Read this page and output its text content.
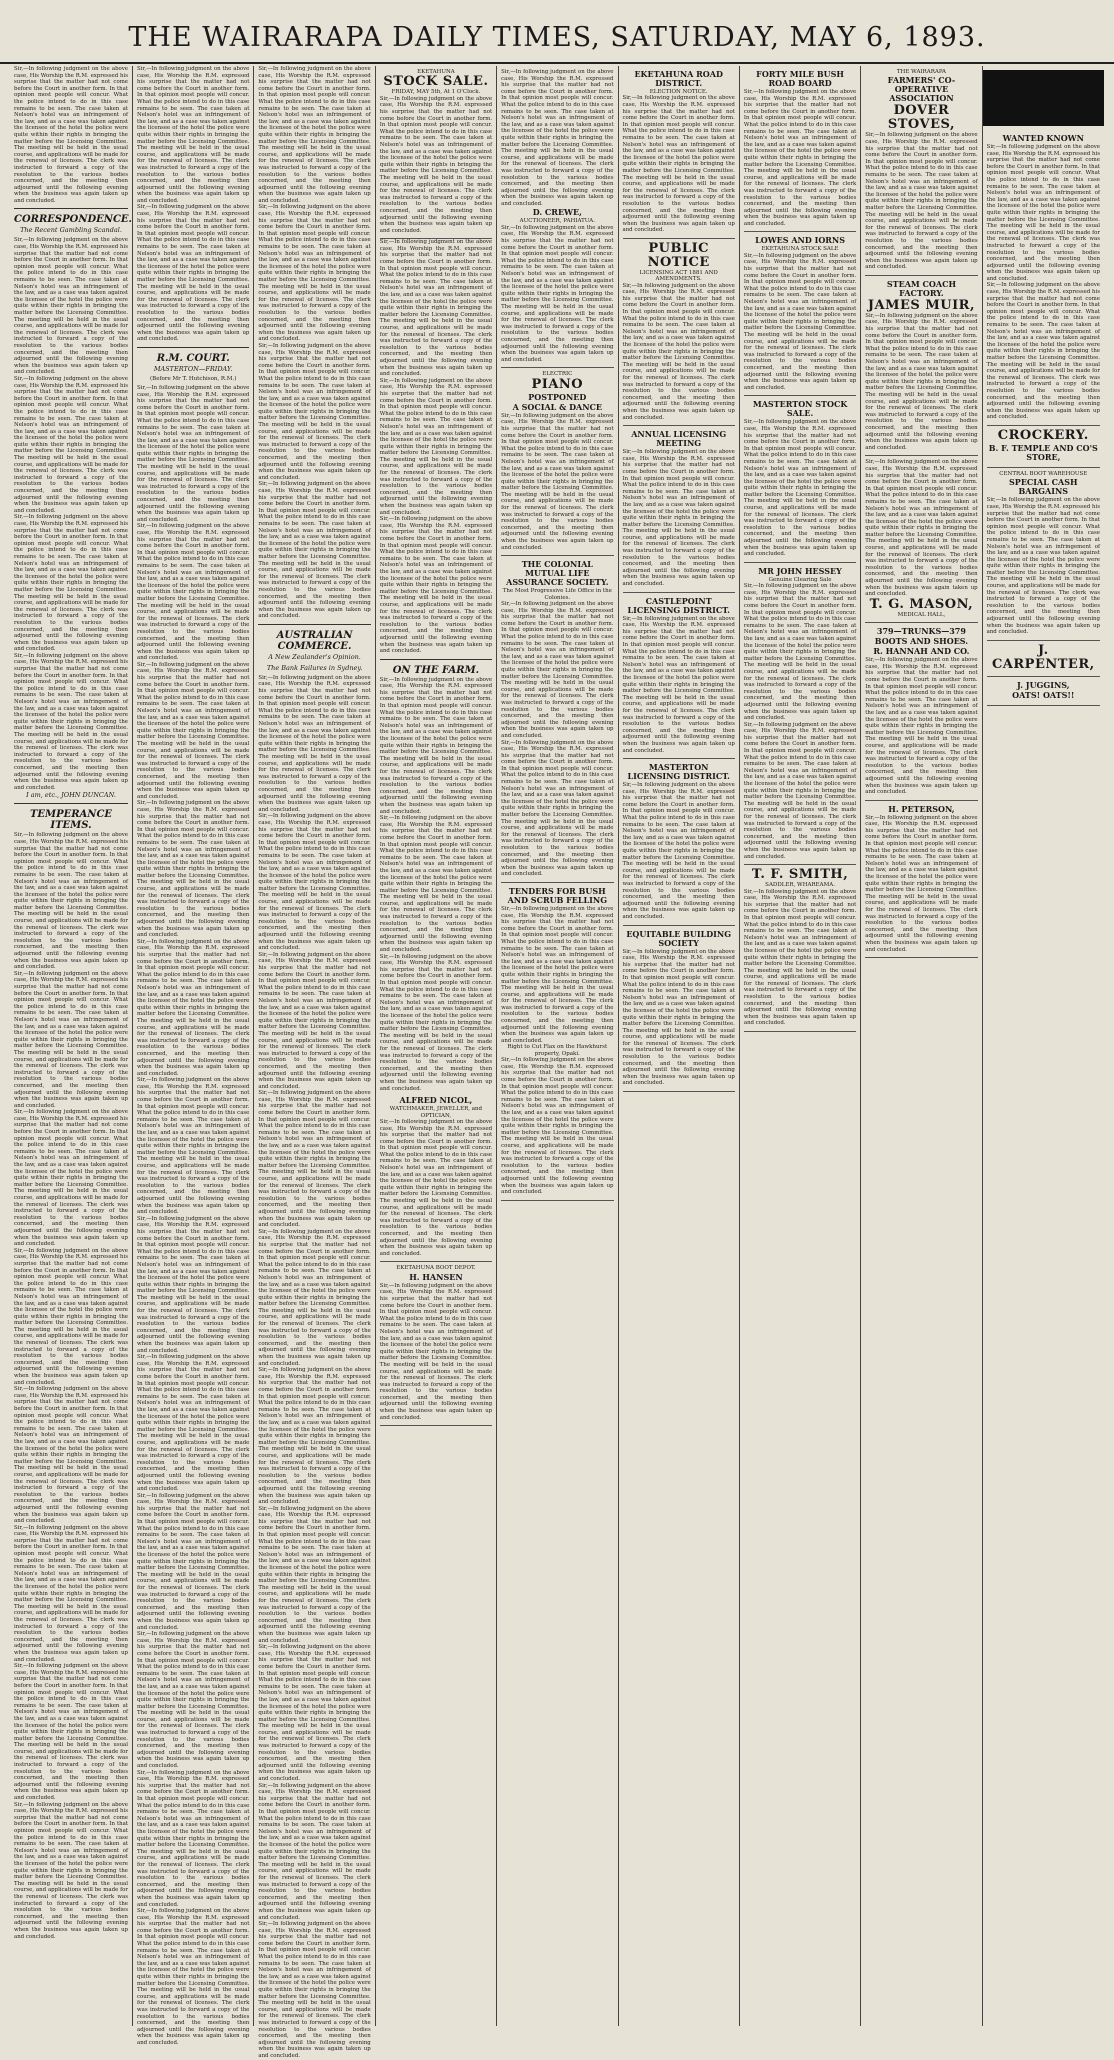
THE WAIRARAPA DAILY TIMES, SATURDAY, MAY 6, 1893.
Sir,—In following judgment on the above case, His Worship the R.M. expressed his surprise that the matter had not come before the Court in another form. In that opinion most people will concur. What the police intend to do in this case remains to be seen. The case taken at Nelson's hotel was an infringement of the law, and as a case was taken against the licensee of the hotel the police were quite within their rights in bringing the matter before the Licensing Committee. The meeting will be held in the usual course, and applications will be made for the renewal of licenses. The clerk was instructed to forward a copy of the resolution to the various bodies concerned, and the meeting then adjourned until the following evening when the business was again taken up and concluded.
CORRESPONDENCE.
The Recent Gambling Scandal.
Sir,—In following judgment on the above case, His Worship the R.M. expressed his surprise that the matter had not come before the Court in another form. In that opinion most people will concur. What the police intend to do in this case remains to be seen. The case taken at Nelson's hotel was an infringement of the law, and as a case was taken against the licensee of the hotel the police were quite within their rights in bringing the matter before the Licensing Committee. The meeting will be held in the usual course, and applications will be made for the renewal of licenses. The clerk was instructed to forward a copy of the resolution to the various bodies concerned, and the meeting then adjourned until the following evening when the business was again taken up and concluded.
Sir,—In following judgment on the above case, His Worship the R.M. expressed his surprise that the matter had not come before the Court in another form. In that opinion most people will concur. What the police intend to do in this case remains to be seen. The case taken at Nelson's hotel was an infringement of the law, and as a case was taken against the licensee of the hotel the police were quite within their rights in bringing the matter before the Licensing Committee. The meeting will be held in the usual course, and applications will be made for the renewal of licenses. The clerk was instructed to forward a copy of the resolution to the various bodies concerned, and the meeting then adjourned until the following evening when the business was again taken up and concluded.
Sir,—In following judgment on the above case, His Worship the R.M. expressed his surprise that the matter had not come before the Court in another form. In that opinion most people will concur. What the police intend to do in this case remains to be seen. The case taken at Nelson's hotel was an infringement of the law, and as a case was taken against the licensee of the hotel the police were quite within their rights in bringing the matter before the Licensing Committee. The meeting will be held in the usual course, and applications will be made for the renewal of licenses. The clerk was instructed to forward a copy of the resolution to the various bodies concerned, and the meeting then adjourned until the following evening when the business was again taken up and concluded.
Sir,—In following judgment on the above case, His Worship the R.M. expressed his surprise that the matter had not come before the Court in another form. In that opinion most people will concur. What the police intend to do in this case remains to be seen. The case taken at Nelson's hotel was an infringement of the law, and as a case was taken against the licensee of the hotel the police were quite within their rights in bringing the matter before the Licensing Committee. The meeting will be held in the usual course, and applications will be made for the renewal of licenses. The clerk was instructed to forward a copy of the resolution to the various bodies concerned, and the meeting then adjourned until the following evening when the business was again taken up and concluded.
I am, etc., JOHN DUNCAN.
TEMPERANCE ITEMS.
Sir,—In following judgment on the above case, His Worship the R.M. expressed his surprise that the matter had not come before the Court in another form. In that opinion most people will concur. What the police intend to do in this case remains to be seen. The case taken at Nelson's hotel was an infringement of the law, and as a case was taken against the licensee of the hotel the police were quite within their rights in bringing the matter before the Licensing Committee. The meeting will be held in the usual course, and applications will be made for the renewal of licenses. The clerk was instructed to forward a copy of the resolution to the various bodies concerned, and the meeting then adjourned until the following evening when the business was again taken up and concluded.
Sir,—In following judgment on the above case, His Worship the R.M. expressed his surprise that the matter had not come before the Court in another form. In that opinion most people will concur. What the police intend to do in this case remains to be seen. The case taken at Nelson's hotel was an infringement of the law, and as a case was taken against the licensee of the hotel the police were quite within their rights in bringing the matter before the Licensing Committee. The meeting will be held in the usual course, and applications will be made for the renewal of licenses. The clerk was instructed to forward a copy of the resolution to the various bodies concerned, and the meeting then adjourned until the following evening when the business was again taken up and concluded.
Sir,—In following judgment on the above case, His Worship the R.M. expressed his surprise that the matter had not come before the Court in another form. In that opinion most people will concur. What the police intend to do in this case remains to be seen. The case taken at Nelson's hotel was an infringement of the law, and as a case was taken against the licensee of the hotel the police were quite within their rights in bringing the matter before the Licensing Committee. The meeting will be held in the usual course, and applications will be made for the renewal of licenses. The clerk was instructed to forward a copy of the resolution to the various bodies concerned, and the meeting then adjourned until the following evening when the business was again taken up and concluded.
Sir,—In following judgment on the above case, His Worship the R.M. expressed his surprise that the matter had not come before the Court in another form. In that opinion most people will concur. What the police intend to do in this case remains to be seen. The case taken at Nelson's hotel was an infringement of the law, and as a case was taken against the licensee of the hotel the police were quite within their rights in bringing the matter before the Licensing Committee. The meeting will be held in the usual course, and applications will be made for the renewal of licenses. The clerk was instructed to forward a copy of the resolution to the various bodies concerned, and the meeting then adjourned until the following evening when the business was again taken up and concluded.
Sir,—In following judgment on the above case, His Worship the R.M. expressed his surprise that the matter had not come before the Court in another form. In that opinion most people will concur. What the police intend to do in this case remains to be seen. The case taken at Nelson's hotel was an infringement of the law, and as a case was taken against the licensee of the hotel the police were quite within their rights in bringing the matter before the Licensing Committee. The meeting will be held in the usual course, and applications will be made for the renewal of licenses. The clerk was instructed to forward a copy of the resolution to the various bodies concerned, and the meeting then adjourned until the following evening when the business was again taken up and concluded.
Sir,—In following judgment on the above case, His Worship the R.M. expressed his surprise that the matter had not come before the Court in another form. In that opinion most people will concur. What the police intend to do in this case remains to be seen. The case taken at Nelson's hotel was an infringement of the law, and as a case was taken against the licensee of the hotel the police were quite within their rights in bringing the matter before the Licensing Committee. The meeting will be held in the usual course, and applications will be made for the renewal of licenses. The clerk was instructed to forward a copy of the resolution to the various bodies concerned, and the meeting then adjourned until the following evening when the business was again taken up and concluded.
Sir,—In following judgment on the above case, His Worship the R.M. expressed his surprise that the matter had not come before the Court in another form. In that opinion most people will concur. What the police intend to do in this case remains to be seen. The case taken at Nelson's hotel was an infringement of the law, and as a case was taken against the licensee of the hotel the police were quite within their rights in bringing the matter before the Licensing Committee. The meeting will be held in the usual course, and applications will be made for the renewal of licenses. The clerk was instructed to forward a copy of the resolution to the various bodies concerned, and the meeting then adjourned until the following evening when the business was again taken up and concluded.
Sir,—In following judgment on the above case, His Worship the R.M. expressed his surprise that the matter had not come before the Court in another form. In that opinion most people will concur. What the police intend to do in this case remains to be seen. The case taken at Nelson's hotel was an infringement of the law, and as a case was taken against the licensee of the hotel the police were quite within their rights in bringing the matter before the Licensing Committee. The meeting will be held in the usual course, and applications will be made for the renewal of licenses. The clerk was instructed to forward a copy of the resolution to the various bodies concerned, and the meeting then adjourned until the following evening when the business was again taken up and concluded.
Sir,—In following judgment on the above case, His Worship the R.M. expressed his surprise that the matter had not come before the Court in another form. In that opinion most people will concur. What the police intend to do in this case remains to be seen. The case taken at Nelson's hotel was an infringement of the law, and as a case was taken against the licensee of the hotel the police were quite within their rights in bringing the matter before the Licensing Committee. The meeting will be held in the usual course, and applications will be made for the renewal of licenses. The clerk was instructed to forward a copy of the resolution to the various bodies concerned, and the meeting then adjourned until the following evening when the business was again taken up and concluded.
Sir,—In following judgment on the above case, His Worship the R.M. expressed his surprise that the matter had not come before the Court in another form. In that opinion most people will concur. What the police intend to do in this case remains to be seen. The case taken at Nelson's hotel was an infringement of the law, and as a case was taken against the licensee of the hotel the police were quite within their rights in bringing the matter before the Licensing Committee. The meeting will be held in the usual course, and applications will be made for the renewal of licenses. The clerk was instructed to forward a copy of the resolution to the various bodies concerned, and the meeting then adjourned until the following evening when the business was again taken up and concluded.
R.M. COURT.
MASTERTON—FRIDAY.
(Before Mr T. Hutchison, R.M.)
Sir,—In following judgment on the above case, His Worship the R.M. expressed his surprise that the matter had not come before the Court in another form. In that opinion most people will concur. What the police intend to do in this case remains to be seen. The case taken at Nelson's hotel was an infringement of the law, and as a case was taken against the licensee of the hotel the police were quite within their rights in bringing the matter before the Licensing Committee. The meeting will be held in the usual course, and applications will be made for the renewal of licenses. The clerk was instructed to forward a copy of the resolution to the various bodies concerned, and the meeting then adjourned until the following evening when the business was again taken up and concluded.
Sir,—In following judgment on the above case, His Worship the R.M. expressed his surprise that the matter had not come before the Court in another form. In that opinion most people will concur. What the police intend to do in this case remains to be seen. The case taken at Nelson's hotel was an infringement of the law, and as a case was taken against the licensee of the hotel the police were quite within their rights in bringing the matter before the Licensing Committee. The meeting will be held in the usual course, and applications will be made for the renewal of licenses. The clerk was instructed to forward a copy of the resolution to the various bodies concerned, and the meeting then adjourned until the following evening when the business was again taken up and concluded.
Sir,—In following judgment on the above case, His Worship the R.M. expressed his surprise that the matter had not come before the Court in another form. In that opinion most people will concur. What the police intend to do in this case remains to be seen. The case taken at Nelson's hotel was an infringement of the law, and as a case was taken against the licensee of the hotel the police were quite within their rights in bringing the matter before the Licensing Committee. The meeting will be held in the usual course, and applications will be made for the renewal of licenses. The clerk was instructed to forward a copy of the resolution to the various bodies concerned, and the meeting then adjourned until the following evening when the business was again taken up and concluded.
Sir,—In following judgment on the above case, His Worship the R.M. expressed his surprise that the matter had not come before the Court in another form. In that opinion most people will concur. What the police intend to do in this case remains to be seen. The case taken at Nelson's hotel was an infringement of the law, and as a case was taken against the licensee of the hotel the police were quite within their rights in bringing the matter before the Licensing Committee. The meeting will be held in the usual course, and applications will be made for the renewal of licenses. The clerk was instructed to forward a copy of the resolution to the various bodies concerned, and the meeting then adjourned until the following evening when the business was again taken up and concluded.
Sir,—In following judgment on the above case, His Worship the R.M. expressed his surprise that the matter had not come before the Court in another form. In that opinion most people will concur. What the police intend to do in this case remains to be seen. The case taken at Nelson's hotel was an infringement of the law, and as a case was taken against the licensee of the hotel the police were quite within their rights in bringing the matter before the Licensing Committee. The meeting will be held in the usual course, and applications will be made for the renewal of licenses. The clerk was instructed to forward a copy of the resolution to the various bodies concerned, and the meeting then adjourned until the following evening when the business was again taken up and concluded.
Sir,—In following judgment on the above case, His Worship the R.M. expressed his surprise that the matter had not come before the Court in another form. In that opinion most people will concur. What the police intend to do in this case remains to be seen. The case taken at Nelson's hotel was an infringement of the law, and as a case was taken against the licensee of the hotel the police were quite within their rights in bringing the matter before the Licensing Committee. The meeting will be held in the usual course, and applications will be made for the renewal of licenses. The clerk was instructed to forward a copy of the resolution to the various bodies concerned, and the meeting then adjourned until the following evening when the business was again taken up and concluded.
Sir,—In following judgment on the above case, His Worship the R.M. expressed his surprise that the matter had not come before the Court in another form. In that opinion most people will concur. What the police intend to do in this case remains to be seen. The case taken at Nelson's hotel was an infringement of the law, and as a case was taken against the licensee of the hotel the police were quite within their rights in bringing the matter before the Licensing Committee. The meeting will be held in the usual course, and applications will be made for the renewal of licenses. The clerk was instructed to forward a copy of the resolution to the various bodies concerned, and the meeting then adjourned until the following evening when the business was again taken up and concluded.
Sir,—In following judgment on the above case, His Worship the R.M. expressed his surprise that the matter had not come before the Court in another form. In that opinion most people will concur. What the police intend to do in this case remains to be seen. The case taken at Nelson's hotel was an infringement of the law, and as a case was taken against the licensee of the hotel the police were quite within their rights in bringing the matter before the Licensing Committee. The meeting will be held in the usual course, and applications will be made for the renewal of licenses. The clerk was instructed to forward a copy of the resolution to the various bodies concerned, and the meeting then adjourned until the following evening when the business was again taken up and concluded.
Sir,—In following judgment on the above case, His Worship the R.M. expressed his surprise that the matter had not come before the Court in another form. In that opinion most people will concur. What the police intend to do in this case remains to be seen. The case taken at Nelson's hotel was an infringement of the law, and as a case was taken against the licensee of the hotel the police were quite within their rights in bringing the matter before the Licensing Committee. The meeting will be held in the usual course, and applications will be made for the renewal of licenses. The clerk was instructed to forward a copy of the resolution to the various bodies concerned, and the meeting then adjourned until the following evening when the business was again taken up and concluded.
Sir,—In following judgment on the above case, His Worship the R.M. expressed his surprise that the matter had not come before the Court in another form. In that opinion most people will concur. What the police intend to do in this case remains to be seen. The case taken at Nelson's hotel was an infringement of the law, and as a case was taken against the licensee of the hotel the police were quite within their rights in bringing the matter before the Licensing Committee. The meeting will be held in the usual course, and applications will be made for the renewal of licenses. The clerk was instructed to forward a copy of the resolution to the various bodies concerned, and the meeting then adjourned until the following evening when the business was again taken up and concluded.
Sir,—In following judgment on the above case, His Worship the R.M. expressed his surprise that the matter had not come before the Court in another form. In that opinion most people will concur. What the police intend to do in this case remains to be seen. The case taken at Nelson's hotel was an infringement of the law, and as a case was taken against the licensee of the hotel the police were quite within their rights in bringing the matter before the Licensing Committee. The meeting will be held in the usual course, and applications will be made for the renewal of licenses. The clerk was instructed to forward a copy of the resolution to the various bodies concerned, and the meeting then adjourned until the following evening when the business was again taken up and concluded.
Sir,—In following judgment on the above case, His Worship the R.M. expressed his surprise that the matter had not come before the Court in another form. In that opinion most people will concur. What the police intend to do in this case remains to be seen. The case taken at Nelson's hotel was an infringement of the law, and as a case was taken against the licensee of the hotel the police were quite within their rights in bringing the matter before the Licensing Committee. The meeting will be held in the usual course, and applications will be made for the renewal of licenses. The clerk was instructed to forward a copy of the resolution to the various bodies concerned, and the meeting then adjourned until the following evening when the business was again taken up and concluded.
Sir,—In following judgment on the above case, His Worship the R.M. expressed his surprise that the matter had not come before the Court in another form. In that opinion most people will concur. What the police intend to do in this case remains to be seen. The case taken at Nelson's hotel was an infringement of the law, and as a case was taken against the licensee of the hotel the police were quite within their rights in bringing the matter before the Licensing Committee. The meeting will be held in the usual course, and applications will be made for the renewal of licenses. The clerk was instructed to forward a copy of the resolution to the various bodies concerned, and the meeting then adjourned until the following evening when the business was again taken up and concluded.
Sir,—In following judgment on the above case, His Worship the R.M. expressed his surprise that the matter had not come before the Court in another form. In that opinion most people will concur. What the police intend to do in this case remains to be seen. The case taken at Nelson's hotel was an infringement of the law, and as a case was taken against the licensee of the hotel the police were quite within their rights in bringing the matter before the Licensing Committee. The meeting will be held in the usual course, and applications will be made for the renewal of licenses. The clerk was instructed to forward a copy of the resolution to the various bodies concerned, and the meeting then adjourned until the following evening when the business was again taken up and concluded.
Sir,—In following judgment on the above case, His Worship the R.M. expressed his surprise that the matter had not come before the Court in another form. In that opinion most people will concur. What the police intend to do in this case remains to be seen. The case taken at Nelson's hotel was an infringement of the law, and as a case was taken against the licensee of the hotel the police were quite within their rights in bringing the matter before the Licensing Committee. The meeting will be held in the usual course, and applications will be made for the renewal of licenses. The clerk was instructed to forward a copy of the resolution to the various bodies concerned, and the meeting then adjourned until the following evening when the business was again taken up and concluded.
Sir,—In following judgment on the above case, His Worship the R.M. expressed his surprise that the matter had not come before the Court in another form. In that opinion most people will concur. What the police intend to do in this case remains to be seen. The case taken at Nelson's hotel was an infringement of the law, and as a case was taken against the licensee of the hotel the police were quite within their rights in bringing the matter before the Licensing Committee. The meeting will be held in the usual course, and applications will be made for the renewal of licenses. The clerk was instructed to forward a copy of the resolution to the various bodies concerned, and the meeting then adjourned until the following evening when the business was again taken up and concluded.
AUSTRALIAN COMMERCE.
A New Zealander's Opinion.
The Bank Failures in Sydney.
Sir,—In following judgment on the above case, His Worship the R.M. expressed his surprise that the matter had not come before the Court in another form. In that opinion most people will concur. What the police intend to do in this case remains to be seen. The case taken at Nelson's hotel was an infringement of the law, and as a case was taken against the licensee of the hotel the police were quite within their rights in bringing the matter before the Licensing Committee. The meeting will be held in the usual course, and applications will be made for the renewal of licenses. The clerk was instructed to forward a copy of the resolution to the various bodies concerned, and the meeting then adjourned until the following evening when the business was again taken up and concluded.
Sir,—In following judgment on the above case, His Worship the R.M. expressed his surprise that the matter had not come before the Court in another form. In that opinion most people will concur. What the police intend to do in this case remains to be seen. The case taken at Nelson's hotel was an infringement of the law, and as a case was taken against the licensee of the hotel the police were quite within their rights in bringing the matter before the Licensing Committee. The meeting will be held in the usual course, and applications will be made for the renewal of licenses. The clerk was instructed to forward a copy of the resolution to the various bodies concerned, and the meeting then adjourned until the following evening when the business was again taken up and concluded.
Sir,—In following judgment on the above case, His Worship the R.M. expressed his surprise that the matter had not come before the Court in another form. In that opinion most people will concur. What the police intend to do in this case remains to be seen. The case taken at Nelson's hotel was an infringement of the law, and as a case was taken against the licensee of the hotel the police were quite within their rights in bringing the matter before the Licensing Committee. The meeting will be held in the usual course, and applications will be made for the renewal of licenses. The clerk was instructed to forward a copy of the resolution to the various bodies concerned, and the meeting then adjourned until the following evening when the business was again taken up and concluded.
Sir,—In following judgment on the above case, His Worship the R.M. expressed his surprise that the matter had not come before the Court in another form. In that opinion most people will concur. What the police intend to do in this case remains to be seen. The case taken at Nelson's hotel was an infringement of the law, and as a case was taken against the licensee of the hotel the police were quite within their rights in bringing the matter before the Licensing Committee. The meeting will be held in the usual course, and applications will be made for the renewal of licenses. The clerk was instructed to forward a copy of the resolution to the various bodies concerned, and the meeting then adjourned until the following evening when the business was again taken up and concluded.
Sir,—In following judgment on the above case, His Worship the R.M. expressed his surprise that the matter had not come before the Court in another form. In that opinion most people will concur. What the police intend to do in this case remains to be seen. The case taken at Nelson's hotel was an infringement of the law, and as a case was taken against the licensee of the hotel the police were quite within their rights in bringing the matter before the Licensing Committee. The meeting will be held in the usual course, and applications will be made for the renewal of licenses. The clerk was instructed to forward a copy of the resolution to the various bodies concerned, and the meeting then adjourned until the following evening when the business was again taken up and concluded.
Sir,—In following judgment on the above case, His Worship the R.M. expressed his surprise that the matter had not come before the Court in another form. In that opinion most people will concur. What the police intend to do in this case remains to be seen. The case taken at Nelson's hotel was an infringement of the law, and as a case was taken against the licensee of the hotel the police were quite within their rights in bringing the matter before the Licensing Committee. The meeting will be held in the usual course, and applications will be made for the renewal of licenses. The clerk was instructed to forward a copy of the resolution to the various bodies concerned, and the meeting then adjourned until the following evening when the business was again taken up and concluded.
Sir,—In following judgment on the above case, His Worship the R.M. expressed his surprise that the matter had not come before the Court in another form. In that opinion most people will concur. What the police intend to do in this case remains to be seen. The case taken at Nelson's hotel was an infringement of the law, and as a case was taken against the licensee of the hotel the police were quite within their rights in bringing the matter before the Licensing Committee. The meeting will be held in the usual course, and applications will be made for the renewal of licenses. The clerk was instructed to forward a copy of the resolution to the various bodies concerned, and the meeting then adjourned until the following evening when the business was again taken up and concluded.
Sir,—In following judgment on the above case, His Worship the R.M. expressed his surprise that the matter had not come before the Court in another form. In that opinion most people will concur. What the police intend to do in this case remains to be seen. The case taken at Nelson's hotel was an infringement of the law, and as a case was taken against the licensee of the hotel the police were quite within their rights in bringing the matter before the Licensing Committee. The meeting will be held in the usual course, and applications will be made for the renewal of licenses. The clerk was instructed to forward a copy of the resolution to the various bodies concerned, and the meeting then adjourned until the following evening when the business was again taken up and concluded.
Sir,—In following judgment on the above case, His Worship the R.M. expressed his surprise that the matter had not come before the Court in another form. In that opinion most people will concur. What the police intend to do in this case remains to be seen. The case taken at Nelson's hotel was an infringement of the law, and as a case was taken against the licensee of the hotel the police were quite within their rights in bringing the matter before the Licensing Committee. The meeting will be held in the usual course, and applications will be made for the renewal of licenses. The clerk was instructed to forward a copy of the resolution to the various bodies concerned, and the meeting then adjourned until the following evening when the business was again taken up and concluded.
Sir,—In following judgment on the above case, His Worship the R.M. expressed his surprise that the matter had not come before the Court in another form. In that opinion most people will concur. What the police intend to do in this case remains to be seen. The case taken at Nelson's hotel was an infringement of the law, and as a case was taken against the licensee of the hotel the police were quite within their rights in bringing the matter before the Licensing Committee. The meeting will be held in the usual course, and applications will be made for the renewal of licenses. The clerk was instructed to forward a copy of the resolution to the various bodies concerned, and the meeting then adjourned until the following evening when the business was again taken up and concluded.
EKETAHUNA
STOCK SALE.
FRIDAY, MAY 5th, At 1 O'Clock.
Sir,—In following judgment on the above case, His Worship the R.M. expressed his surprise that the matter had not come before the Court in another form. In that opinion most people will concur. What the police intend to do in this case remains to be seen. The case taken at Nelson's hotel was an infringement of the law, and as a case was taken against the licensee of the hotel the police were quite within their rights in bringing the matter before the Licensing Committee. The meeting will be held in the usual course, and applications will be made for the renewal of licenses. The clerk was instructed to forward a copy of the resolution to the various bodies concerned, and the meeting then adjourned until the following evening when the business was again taken up and concluded.
Sir,—In following judgment on the above case, His Worship the R.M. expressed his surprise that the matter had not come before the Court in another form. In that opinion most people will concur. What the police intend to do in this case remains to be seen. The case taken at Nelson's hotel was an infringement of the law, and as a case was taken against the licensee of the hotel the police were quite within their rights in bringing the matter before the Licensing Committee. The meeting will be held in the usual course, and applications will be made for the renewal of licenses. The clerk was instructed to forward a copy of the resolution to the various bodies concerned, and the meeting then adjourned until the following evening when the business was again taken up and concluded.
Sir,—In following judgment on the above case, His Worship the R.M. expressed his surprise that the matter had not come before the Court in another form. In that opinion most people will concur. What the police intend to do in this case remains to be seen. The case taken at Nelson's hotel was an infringement of the law, and as a case was taken against the licensee of the hotel the police were quite within their rights in bringing the matter before the Licensing Committee. The meeting will be held in the usual course, and applications will be made for the renewal of licenses. The clerk was instructed to forward a copy of the resolution to the various bodies concerned, and the meeting then adjourned until the following evening when the business was again taken up and concluded.
Sir,—In following judgment on the above case, His Worship the R.M. expressed his surprise that the matter had not come before the Court in another form. In that opinion most people will concur. What the police intend to do in this case remains to be seen. The case taken at Nelson's hotel was an infringement of the law, and as a case was taken against the licensee of the hotel the police were quite within their rights in bringing the matter before the Licensing Committee. The meeting will be held in the usual course, and applications will be made for the renewal of licenses. The clerk was instructed to forward a copy of the resolution to the various bodies concerned, and the meeting then adjourned until the following evening when the business was again taken up and concluded.
ON THE FARM.
Sir,—In following judgment on the above case, His Worship the R.M. expressed his surprise that the matter had not come before the Court in another form. In that opinion most people will concur. What the police intend to do in this case remains to be seen. The case taken at Nelson's hotel was an infringement of the law, and as a case was taken against the licensee of the hotel the police were quite within their rights in bringing the matter before the Licensing Committee. The meeting will be held in the usual course, and applications will be made for the renewal of licenses. The clerk was instructed to forward a copy of the resolution to the various bodies concerned, and the meeting then adjourned until the following evening when the business was again taken up and concluded.
Sir,—In following judgment on the above case, His Worship the R.M. expressed his surprise that the matter had not come before the Court in another form. In that opinion most people will concur. What the police intend to do in this case remains to be seen. The case taken at Nelson's hotel was an infringement of the law, and as a case was taken against the licensee of the hotel the police were quite within their rights in bringing the matter before the Licensing Committee. The meeting will be held in the usual course, and applications will be made for the renewal of licenses. The clerk was instructed to forward a copy of the resolution to the various bodies concerned, and the meeting then adjourned until the following evening when the business was again taken up and concluded.
Sir,—In following judgment on the above case, His Worship the R.M. expressed his surprise that the matter had not come before the Court in another form. In that opinion most people will concur. What the police intend to do in this case remains to be seen. The case taken at Nelson's hotel was an infringement of the law, and as a case was taken against the licensee of the hotel the police were quite within their rights in bringing the matter before the Licensing Committee. The meeting will be held in the usual course, and applications will be made for the renewal of licenses. The clerk was instructed to forward a copy of the resolution to the various bodies concerned, and the meeting then adjourned until the following evening when the business was again taken up and concluded.
ALFRED NICOL,
WATCHMAKER, JEWELLER, and OPTICIAN,
Sir,—In following judgment on the above case, His Worship the R.M. expressed his surprise that the matter had not come before the Court in another form. In that opinion most people will concur. What the police intend to do in this case remains to be seen. The case taken at Nelson's hotel was an infringement of the law, and as a case was taken against the licensee of the hotel the police were quite within their rights in bringing the matter before the Licensing Committee. The meeting will be held in the usual course, and applications will be made for the renewal of licenses. The clerk was instructed to forward a copy of the resolution to the various bodies concerned, and the meeting then adjourned until the following evening when the business was again taken up and concluded.
EKETAHUNA BOOT DEPOT.
H. HANSEN
Sir,—In following judgment on the above case, His Worship the R.M. expressed his surprise that the matter had not come before the Court in another form. In that opinion most people will concur. What the police intend to do in this case remains to be seen. The case taken at Nelson's hotel was an infringement of the law, and as a case was taken against the licensee of the hotel the police were quite within their rights in bringing the matter before the Licensing Committee. The meeting will be held in the usual course, and applications will be made for the renewal of licenses. The clerk was instructed to forward a copy of the resolution to the various bodies concerned, and the meeting then adjourned until the following evening when the business was again taken up and concluded.
Sir,—In following judgment on the above case, His Worship the R.M. expressed his surprise that the matter had not come before the Court in another form. In that opinion most people will concur. What the police intend to do in this case remains to be seen. The case taken at Nelson's hotel was an infringement of the law, and as a case was taken against the licensee of the hotel the police were quite within their rights in bringing the matter before the Licensing Committee. The meeting will be held in the usual course, and applications will be made for the renewal of licenses. The clerk was instructed to forward a copy of the resolution to the various bodies concerned, and the meeting then adjourned until the following evening when the business was again taken up and concluded.
D. CREWE,
AUCTIONEER, PAHIATUA.
Sir,—In following judgment on the above case, His Worship the R.M. expressed his surprise that the matter had not come before the Court in another form. In that opinion most people will concur. What the police intend to do in this case remains to be seen. The case taken at Nelson's hotel was an infringement of the law, and as a case was taken against the licensee of the hotel the police were quite within their rights in bringing the matter before the Licensing Committee. The meeting will be held in the usual course, and applications will be made for the renewal of licenses. The clerk was instructed to forward a copy of the resolution to the various bodies concerned, and the meeting then adjourned until the following evening when the business was again taken up and concluded.
ELECTRIC
PIANO
POSTPONED
A SOCIAL & DANCE
Sir,—In following judgment on the above case, His Worship the R.M. expressed his surprise that the matter had not come before the Court in another form. In that opinion most people will concur. What the police intend to do in this case remains to be seen. The case taken at Nelson's hotel was an infringement of the law, and as a case was taken against the licensee of the hotel the police were quite within their rights in bringing the matter before the Licensing Committee. The meeting will be held in the usual course, and applications will be made for the renewal of licenses. The clerk was instructed to forward a copy of the resolution to the various bodies concerned, and the meeting then adjourned until the following evening when the business was again taken up and concluded.
THE COLONIAL MUTUAL LIFE ASSURANCE SOCIETY.
The Most Progressive Life Office in the Colonies.
Sir,—In following judgment on the above case, His Worship the R.M. expressed his surprise that the matter had not come before the Court in another form. In that opinion most people will concur. What the police intend to do in this case remains to be seen. The case taken at Nelson's hotel was an infringement of the law, and as a case was taken against the licensee of the hotel the police were quite within their rights in bringing the matter before the Licensing Committee. The meeting will be held in the usual course, and applications will be made for the renewal of licenses. The clerk was instructed to forward a copy of the resolution to the various bodies concerned, and the meeting then adjourned until the following evening when the business was again taken up and concluded.
Sir,—In following judgment on the above case, His Worship the R.M. expressed his surprise that the matter had not come before the Court in another form. In that opinion most people will concur. What the police intend to do in this case remains to be seen. The case taken at Nelson's hotel was an infringement of the law, and as a case was taken against the licensee of the hotel the police were quite within their rights in bringing the matter before the Licensing Committee. The meeting will be held in the usual course, and applications will be made for the renewal of licenses. The clerk was instructed to forward a copy of the resolution to the various bodies concerned, and the meeting then adjourned until the following evening when the business was again taken up and concluded.
TENDERS FOR BUSH AND SCRUB FELLING
Sir,—In following judgment on the above case, His Worship the R.M. expressed his surprise that the matter had not come before the Court in another form. In that opinion most people will concur. What the police intend to do in this case remains to be seen. The case taken at Nelson's hotel was an infringement of the law, and as a case was taken against the licensee of the hotel the police were quite within their rights in bringing the matter before the Licensing Committee. The meeting will be held in the usual course, and applications will be made for the renewal of licenses. The clerk was instructed to forward a copy of the resolution to the various bodies concerned, and the meeting then adjourned until the following evening when the business was again taken up and concluded.
Right to Cut Flax on the Hawkhurst property, Opaki.
Sir,—In following judgment on the above case, His Worship the R.M. expressed his surprise that the matter had not come before the Court in another form. In that opinion most people will concur. What the police intend to do in this case remains to be seen. The case taken at Nelson's hotel was an infringement of the law, and as a case was taken against the licensee of the hotel the police were quite within their rights in bringing the matter before the Licensing Committee. The meeting will be held in the usual course, and applications will be made for the renewal of licenses. The clerk was instructed to forward a copy of the resolution to the various bodies concerned, and the meeting then adjourned until the following evening when the business was again taken up and concluded.
EKETAHUNA ROAD DISTRICT.
ELECTION NOTICE.
Sir,—In following judgment on the above case, His Worship the R.M. expressed his surprise that the matter had not come before the Court in another form. In that opinion most people will concur. What the police intend to do in this case remains to be seen. The case taken at Nelson's hotel was an infringement of the law, and as a case was taken against the licensee of the hotel the police were quite within their rights in bringing the matter before the Licensing Committee. The meeting will be held in the usual course, and applications will be made for the renewal of licenses. The clerk was instructed to forward a copy of the resolution to the various bodies concerned, and the meeting then adjourned until the following evening when the business was again taken up and concluded.
PUBLIC NOTICE
LICENSING ACT 1881 AND AMENDMENTS.
Sir,—In following judgment on the above case, His Worship the R.M. expressed his surprise that the matter had not come before the Court in another form. In that opinion most people will concur. What the police intend to do in this case remains to be seen. The case taken at Nelson's hotel was an infringement of the law, and as a case was taken against the licensee of the hotel the police were quite within their rights in bringing the matter before the Licensing Committee. The meeting will be held in the usual course, and applications will be made for the renewal of licenses. The clerk was instructed to forward a copy of the resolution to the various bodies concerned, and the meeting then adjourned until the following evening when the business was again taken up and concluded.
ANNUAL LICENSING MEETING
Sir,—In following judgment on the above case, His Worship the R.M. expressed his surprise that the matter had not come before the Court in another form. In that opinion most people will concur. What the police intend to do in this case remains to be seen. The case taken at Nelson's hotel was an infringement of the law, and as a case was taken against the licensee of the hotel the police were quite within their rights in bringing the matter before the Licensing Committee. The meeting will be held in the usual course, and applications will be made for the renewal of licenses. The clerk was instructed to forward a copy of the resolution to the various bodies concerned, and the meeting then adjourned until the following evening when the business was again taken up and concluded.
CASTLEPOINT LICENSING DISTRICT.
Sir,—In following judgment on the above case, His Worship the R.M. expressed his surprise that the matter had not come before the Court in another form. In that opinion most people will concur. What the police intend to do in this case remains to be seen. The case taken at Nelson's hotel was an infringement of the law, and as a case was taken against the licensee of the hotel the police were quite within their rights in bringing the matter before the Licensing Committee. The meeting will be held in the usual course, and applications will be made for the renewal of licenses. The clerk was instructed to forward a copy of the resolution to the various bodies concerned, and the meeting then adjourned until the following evening when the business was again taken up and concluded.
MASTERTON LICENSING DISTRICT.
Sir,—In following judgment on the above case, His Worship the R.M. expressed his surprise that the matter had not come before the Court in another form. In that opinion most people will concur. What the police intend to do in this case remains to be seen. The case taken at Nelson's hotel was an infringement of the law, and as a case was taken against the licensee of the hotel the police were quite within their rights in bringing the matter before the Licensing Committee. The meeting will be held in the usual course, and applications will be made for the renewal of licenses. The clerk was instructed to forward a copy of the resolution to the various bodies concerned, and the meeting then adjourned until the following evening when the business was again taken up and concluded.
EQUITABLE BUILDING SOCIETY
Sir,—In following judgment on the above case, His Worship the R.M. expressed his surprise that the matter had not come before the Court in another form. In that opinion most people will concur. What the police intend to do in this case remains to be seen. The case taken at Nelson's hotel was an infringement of the law, and as a case was taken against the licensee of the hotel the police were quite within their rights in bringing the matter before the Licensing Committee. The meeting will be held in the usual course, and applications will be made for the renewal of licenses. The clerk was instructed to forward a copy of the resolution to the various bodies concerned, and the meeting then adjourned until the following evening when the business was again taken up and concluded.
FORTY MILE BUSH ROAD BOARD
Sir,—In following judgment on the above case, His Worship the R.M. expressed his surprise that the matter had not come before the Court in another form. In that opinion most people will concur. What the police intend to do in this case remains to be seen. The case taken at Nelson's hotel was an infringement of the law, and as a case was taken against the licensee of the hotel the police were quite within their rights in bringing the matter before the Licensing Committee. The meeting will be held in the usual course, and applications will be made for the renewal of licenses. The clerk was instructed to forward a copy of the resolution to the various bodies concerned, and the meeting then adjourned until the following evening when the business was again taken up and concluded.
LOWES AND IORNS
EKETAHUNA STOCK SALE
Sir,—In following judgment on the above case, His Worship the R.M. expressed his surprise that the matter had not come before the Court in another form. In that opinion most people will concur. What the police intend to do in this case remains to be seen. The case taken at Nelson's hotel was an infringement of the law, and as a case was taken against the licensee of the hotel the police were quite within their rights in bringing the matter before the Licensing Committee. The meeting will be held in the usual course, and applications will be made for the renewal of licenses. The clerk was instructed to forward a copy of the resolution to the various bodies concerned, and the meeting then adjourned until the following evening when the business was again taken up and concluded.
MASTERTON STOCK SALE.
Sir,—In following judgment on the above case, His Worship the R.M. expressed his surprise that the matter had not come before the Court in another form. In that opinion most people will concur. What the police intend to do in this case remains to be seen. The case taken at Nelson's hotel was an infringement of the law, and as a case was taken against the licensee of the hotel the police were quite within their rights in bringing the matter before the Licensing Committee. The meeting will be held in the usual course, and applications will be made for the renewal of licenses. The clerk was instructed to forward a copy of the resolution to the various bodies concerned, and the meeting then adjourned until the following evening when the business was again taken up and concluded.
MR JOHN HESSEY
Genuine Clearing Sale
Sir,—In following judgment on the above case, His Worship the R.M. expressed his surprise that the matter had not come before the Court in another form. In that opinion most people will concur. What the police intend to do in this case remains to be seen. The case taken at Nelson's hotel was an infringement of the law, and as a case was taken against the licensee of the hotel the police were quite within their rights in bringing the matter before the Licensing Committee. The meeting will be held in the usual course, and applications will be made for the renewal of licenses. The clerk was instructed to forward a copy of the resolution to the various bodies concerned, and the meeting then adjourned until the following evening when the business was again taken up and concluded.
Sir,—In following judgment on the above case, His Worship the R.M. expressed his surprise that the matter had not come before the Court in another form. In that opinion most people will concur. What the police intend to do in this case remains to be seen. The case taken at Nelson's hotel was an infringement of the law, and as a case was taken against the licensee of the hotel the police were quite within their rights in bringing the matter before the Licensing Committee. The meeting will be held in the usual course, and applications will be made for the renewal of licenses. The clerk was instructed to forward a copy of the resolution to the various bodies concerned, and the meeting then adjourned until the following evening when the business was again taken up and concluded.
T. F. SMITH,
SADDLER, WHAREAMA.
Sir,—In following judgment on the above case, His Worship the R.M. expressed his surprise that the matter had not come before the Court in another form. In that opinion most people will concur. What the police intend to do in this case remains to be seen. The case taken at Nelson's hotel was an infringement of the law, and as a case was taken against the licensee of the hotel the police were quite within their rights in bringing the matter before the Licensing Committee. The meeting will be held in the usual course, and applications will be made for the renewal of licenses. The clerk was instructed to forward a copy of the resolution to the various bodies concerned, and the meeting then adjourned until the following evening when the business was again taken up and concluded.
THE WAIRARAPA
FARMERS' CO-OPERATIVE ASSOCIATION
DOVER STOVES,
Sir,—In following judgment on the above case, His Worship the R.M. expressed his surprise that the matter had not come before the Court in another form. In that opinion most people will concur. What the police intend to do in this case remains to be seen. The case taken at Nelson's hotel was an infringement of the law, and as a case was taken against the licensee of the hotel the police were quite within their rights in bringing the matter before the Licensing Committee. The meeting will be held in the usual course, and applications will be made for the renewal of licenses. The clerk was instructed to forward a copy of the resolution to the various bodies concerned, and the meeting then adjourned until the following evening when the business was again taken up and concluded.
STEAM COACH FACTORY.
JAMES MUIR,
Sir,—In following judgment on the above case, His Worship the R.M. expressed his surprise that the matter had not come before the Court in another form. In that opinion most people will concur. What the police intend to do in this case remains to be seen. The case taken at Nelson's hotel was an infringement of the law, and as a case was taken against the licensee of the hotel the police were quite within their rights in bringing the matter before the Licensing Committee. The meeting will be held in the usual course, and applications will be made for the renewal of licenses. The clerk was instructed to forward a copy of the resolution to the various bodies concerned, and the meeting then adjourned until the following evening when the business was again taken up and concluded.
Sir,—In following judgment on the above case, His Worship the R.M. expressed his surprise that the matter had not come before the Court in another form. In that opinion most people will concur. What the police intend to do in this case remains to be seen. The case taken at Nelson's hotel was an infringement of the law, and as a case was taken against the licensee of the hotel the police were quite within their rights in bringing the matter before the Licensing Committee. The meeting will be held in the usual course, and applications will be made for the renewal of licenses. The clerk was instructed to forward a copy of the resolution to the various bodies concerned, and the meeting then adjourned until the following evening when the business was again taken up and concluded.
T. G. MASON,
MEDICAL HALL,
379—TRUNKS—379
BOOTS AND SHOES.
R. HANNAH AND CO.
Sir,—In following judgment on the above case, His Worship the R.M. expressed his surprise that the matter had not come before the Court in another form. In that opinion most people will concur. What the police intend to do in this case remains to be seen. The case taken at Nelson's hotel was an infringement of the law, and as a case was taken against the licensee of the hotel the police were quite within their rights in bringing the matter before the Licensing Committee. The meeting will be held in the usual course, and applications will be made for the renewal of licenses. The clerk was instructed to forward a copy of the resolution to the various bodies concerned, and the meeting then adjourned until the following evening when the business was again taken up and concluded.
H. PETERSON,
Sir,—In following judgment on the above case, His Worship the R.M. expressed his surprise that the matter had not come before the Court in another form. In that opinion most people will concur. What the police intend to do in this case remains to be seen. The case taken at Nelson's hotel was an infringement of the law, and as a case was taken against the licensee of the hotel the police were quite within their rights in bringing the matter before the Licensing Committee. The meeting will be held in the usual course, and applications will be made for the renewal of licenses. The clerk was instructed to forward a copy of the resolution to the various bodies concerned, and the meeting then adjourned until the following evening when the business was again taken up and concluded.
WANTED KNOWN
Sir,—In following judgment on the above case, His Worship the R.M. expressed his surprise that the matter had not come before the Court in another form. In that opinion most people will concur. What the police intend to do in this case remains to be seen. The case taken at Nelson's hotel was an infringement of the law, and as a case was taken against the licensee of the hotel the police were quite within their rights in bringing the matter before the Licensing Committee. The meeting will be held in the usual course, and applications will be made for the renewal of licenses. The clerk was instructed to forward a copy of the resolution to the various bodies concerned, and the meeting then adjourned until the following evening when the business was again taken up and concluded.
Sir,—In following judgment on the above case, His Worship the R.M. expressed his surprise that the matter had not come before the Court in another form. In that opinion most people will concur. What the police intend to do in this case remains to be seen. The case taken at Nelson's hotel was an infringement of the law, and as a case was taken against the licensee of the hotel the police were quite within their rights in bringing the matter before the Licensing Committee. The meeting will be held in the usual course, and applications will be made for the renewal of licenses. The clerk was instructed to forward a copy of the resolution to the various bodies concerned, and the meeting then adjourned until the following evening when the business was again taken up and concluded.
CROCKERY.
B. F. TEMPLE AND CO'S STORE,
CENTRAL BOOT WAREHOUSE
SPECIAL CASH BARGAINS
Sir,—In following judgment on the above case, His Worship the R.M. expressed his surprise that the matter had not come before the Court in another form. In that opinion most people will concur. What the police intend to do in this case remains to be seen. The case taken at Nelson's hotel was an infringement of the law, and as a case was taken against the licensee of the hotel the police were quite within their rights in bringing the matter before the Licensing Committee. The meeting will be held in the usual course, and applications will be made for the renewal of licenses. The clerk was instructed to forward a copy of the resolution to the various bodies concerned, and the meeting then adjourned until the following evening when the business was again taken up and concluded.
J. CARPENTER,
J. JUGGINS,
OATS! OATS!!
